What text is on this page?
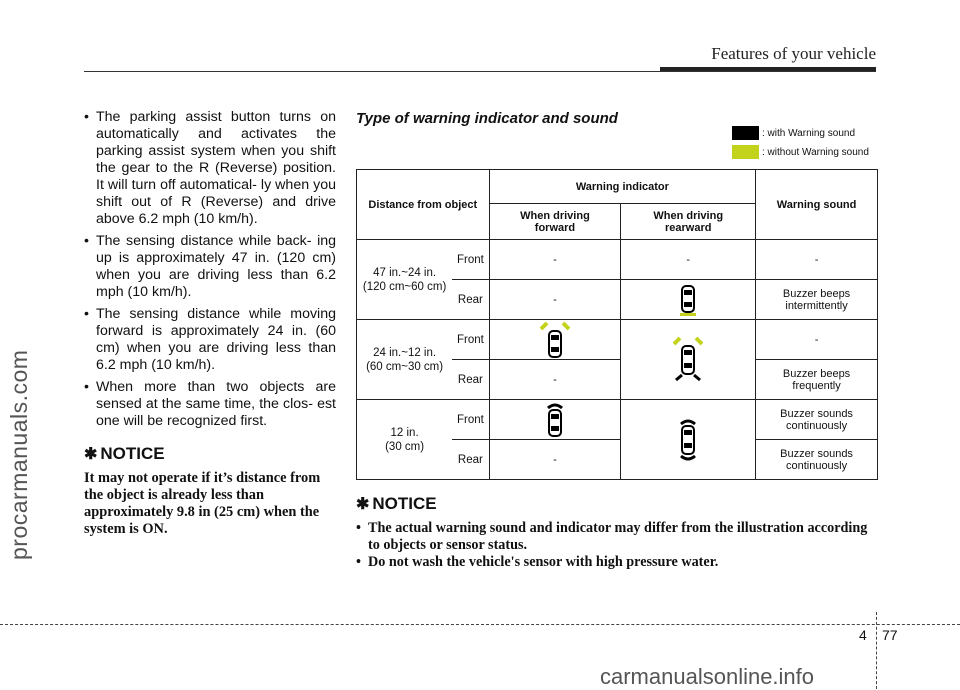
Features of your vehicle
procarmanuals.com
• The parking assist button turns on automatically and activates the parking assist system when you shift the gear to the R (Reverse) position. It will turn off automatical- ly when you shift out of R (Reverse) and drive above 6.2 mph (10 km/h).
• The sensing distance while back- ing up is approximately 47 in. (120 cm) when you are driving less than 6.2 mph (10 km/h).
• The sensing distance while moving forward is approximately 24 in. (60 cm) when you are driving less than 6.2 mph (10 km/h).
• When more than two objects are sensed at the same time, the clos- est one will be recognized first.
✱ NOTICE
It may not operate if it’s distance from the object is already less than approximately 9.8 in (25 cm) when the system is ON.
Type of warning indicator and sound
: with Warning sound
: without Warning sound
Distance from object		Warning indicator		Warning sound
		When driving forward	When driving rearward	

47 in.~24 in.
(120 cm~60 cm)	Front	-	-	-
	Rear	-		Buzzer beeps intermittently

24 in.~12 in.
(60 cm~30 cm)	Front			-
	Rear	-		Buzzer beeps frequently

12 in.
(30 cm)	Front			Buzzer sounds continuously
	Rear	-		Buzzer sounds continuously
✱ NOTICE
• The actual warning sound and indicator may differ from the illustration according to objects or sensor status.
• Do not wash the vehicle's sensor with high pressure water.
4 77
carmanualsonline.info
